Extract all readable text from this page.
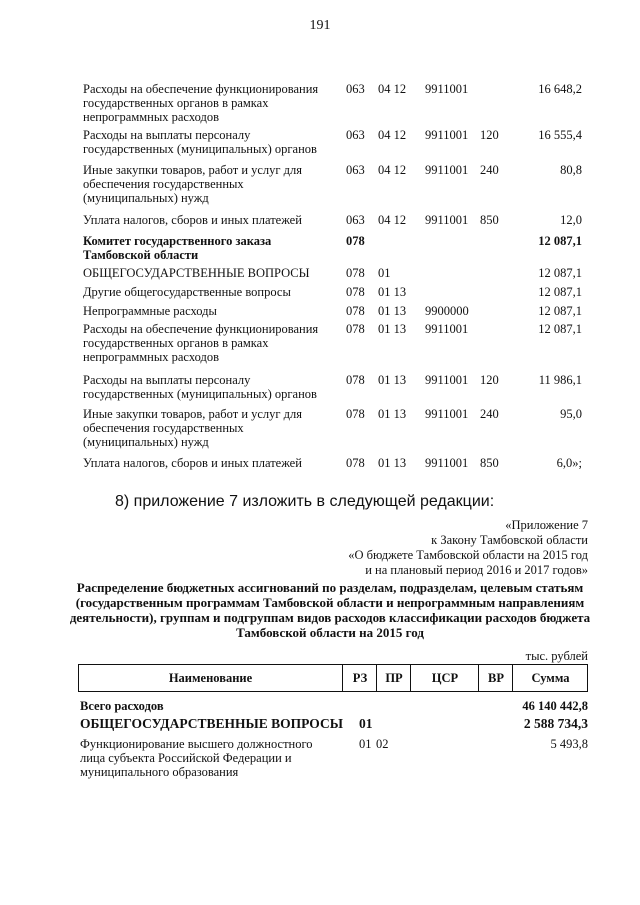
191
Расходы на обеспечение функционирования государственных органов в рамках непрограммных расходов
063 04 12 9911001	16 648,2
Расходы на выплаты персоналу государственных (муниципальных) органов
063 04 12 9911001 120	16 555,4
Иные закупки товаров, работ и услуг для обеспечения государственных (муниципальных) нужд
063 04 12 9911001 240	80,8
Уплата налогов, сборов и иных платежей	063 04 12 9911001 850	12,0
Комитет государственного заказа Тамбовской области
078	12 087,1
ОБЩЕГОСУДАРСТВЕННЫЕ ВОПРОСЫ	078 01	12 087,1
Другие общегосударственные вопросы	078 01 13	12 087,1
Непрограммные расходы	078 01 13 9900000	12 087,1
Расходы на обеспечение функционирования государственных органов в рамках непрограммных расходов
078 01 13 9911001	12 087,1
Расходы на выплаты персоналу государственных (муниципальных) органов
078 01 13 9911001 120	11 986,1
Иные закупки товаров, работ и услуг для обеспечения государственных (муниципальных) нужд
078 01 13 9911001 240	95,0
Уплата налогов, сборов и иных платежей	078 01 13 9911001 850	6,0»;
8) приложение 7 изложить в следующей редакции:
«Приложение 7
к Закону Тамбовской области
«О бюджете Тамбовской области на 2015 год
и на плановый период 2016 и 2017 годов»
Распределение бюджетных ассигнований по разделам, подразделам, целевым статьям (государственным программам Тамбовской области и непрограммным направлениям деятельности), группам и подгруппам видов расходов классификации расходов бюджета Тамбовской области на 2015 год
тыс. рублей
Наименование	РЗ	ПР	ЦСР	ВР	Сумма
Всего расходов	46 140 442,8
ОБЩЕГОСУДАРСТВЕННЫЕ ВОПРОСЫ	01	2 588 734,3
Функционирование высшего должностного лица субъекта Российской Федерации и муниципального образования
01 02	5 493,8
